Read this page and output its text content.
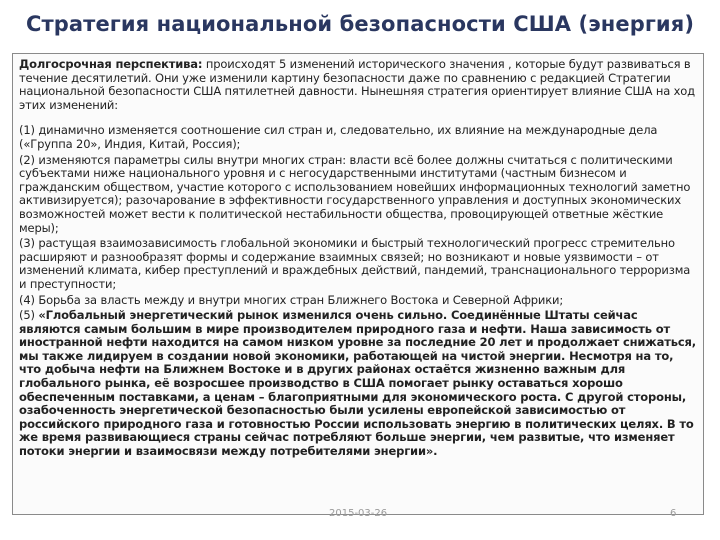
Стратегия национальной безопасности США (энергия)

Долгосрочная перспектива: происходят 5 изменений исторического значения , которые будут развиваться в течение десятилетий. Они уже изменили картину безопасности даже по сравнению с редакцией Стратегии национальной безопасности США пятилетней давности. Нынешняя стратегия ориентирует влияние США на ход этих изменений:

(1) динамично изменяется соотношение сил стран и, следовательно, их влияние на международные дела («Группа 20», Индия, Китай, Россия);

(2) изменяются параметры силы внутри многих стран: власти всё более должны считаться с политическими субъектами ниже национального уровня и с негосударственными институтами (частным бизнесом и гражданским обществом, участие которого с использованием новейших информационных технологий заметно активизируется); разочарование в эффективности государственного управления и доступных экономических возможностей может вести к политической нестабильности общества, провоцирующей ответные жёсткие меры);

(3) растущая взаимозависимость глобальной экономики и быстрый технологический прогресс стремительно расширяют и разнообразят формы и содержание взаимных связей; но возникают и новые уязвимости – от изменений климата, кибер преступлений и враждебных действий, пандемий, транснационального терроризма и преступности;

(4) Борьба за власть между и внутри многих стран Ближнего Востока и Северной Африки;

(5) «Глобальный энергетический рынок изменился очень сильно. Соединённые Штаты сейчас являются самым большим в мире производителем природного газа и нефти. Наша зависимость от иностранной нефти находится на самом низком уровне за последние 20 лет и продолжает снижаться, мы также лидируем в создании новой экономики, работающей на чистой энергии. Несмотря на то, что добыча нефти на Ближнем Востоке и в других районах остаётся жизненно важным для глобального рынка, её возросшее производство в США помогает рынку оставаться хорошо обеспеченным поставками, а ценам – благоприятными для экономического роста. С другой стороны, озабоченность энергетической безопасностью были усилены европейской зависимостью от российского природного газа и готовностью России использовать энергию в политических целях. В то же время развивающиеся страны сейчас потребляют больше энергии, чем развитые, что изменяет потоки энергии и взаимосвязи между потребителями энергии».

2015-03-26	6
